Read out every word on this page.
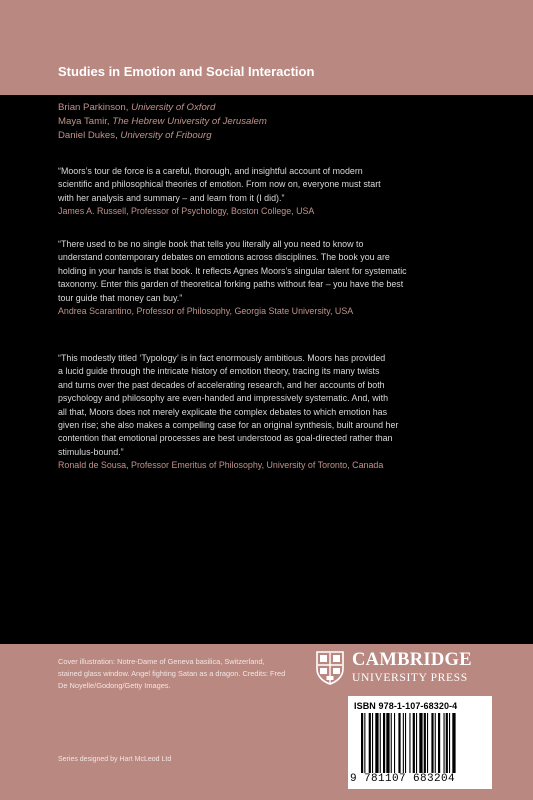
Studies in Emotion and Social Interaction
Brian Parkinson, University of Oxford
Maya Tamir, The Hebrew University of Jerusalem
Daniel Dukes, University of Fribourg
“Moors’s tour de force is a careful, thorough, and insightful account of modern
scientific and philosophical theories of emotion. From now on, everyone must start
with her analysis and summary – and learn from it (I did).”
James A. Russell, Professor of Psychology, Boston College, USA
“There used to be no single book that tells you literally all you need to know to
understand contemporary debates on emotions across disciplines. The book you are
holding in your hands is that book. It reflects Agnes Moors’s singular talent for systematic
taxonomy. Enter this garden of theoretical forking paths without fear – you have the best
tour guide that money can buy.”
Andrea Scarantino, Professor of Philosophy, Georgia State University, USA
“This modestly titled ‘Typology’ is in fact enormously ambitious. Moors has provided
a lucid guide through the intricate history of emotion theory, tracing its many twists
and turns over the past decades of accelerating research, and her accounts of both
psychology and philosophy are even-handed and impressively systematic. And, with
all that, Moors does not merely explicate the complex debates to which emotion has
given rise; she also makes a compelling case for an original synthesis, built around her
contention that emotional processes are best understood as goal-directed rather than
stimulus-bound.”
Ronald de Sousa, Professor Emeritus of Philosophy, University of Toronto, Canada
Cover illustration: Notre-Dame of Geneva basilica, Switzerland, stained glass window. Angel fighting Satan as a dragon. Credits: Fred De Noyelle/Godong/Getty Images.
Series designed by Hart McLeod Ltd
CAMBRIDGE
UNIVERSITY PRESS
ISBN 978-1-107-68320-4
9 781107 683204
